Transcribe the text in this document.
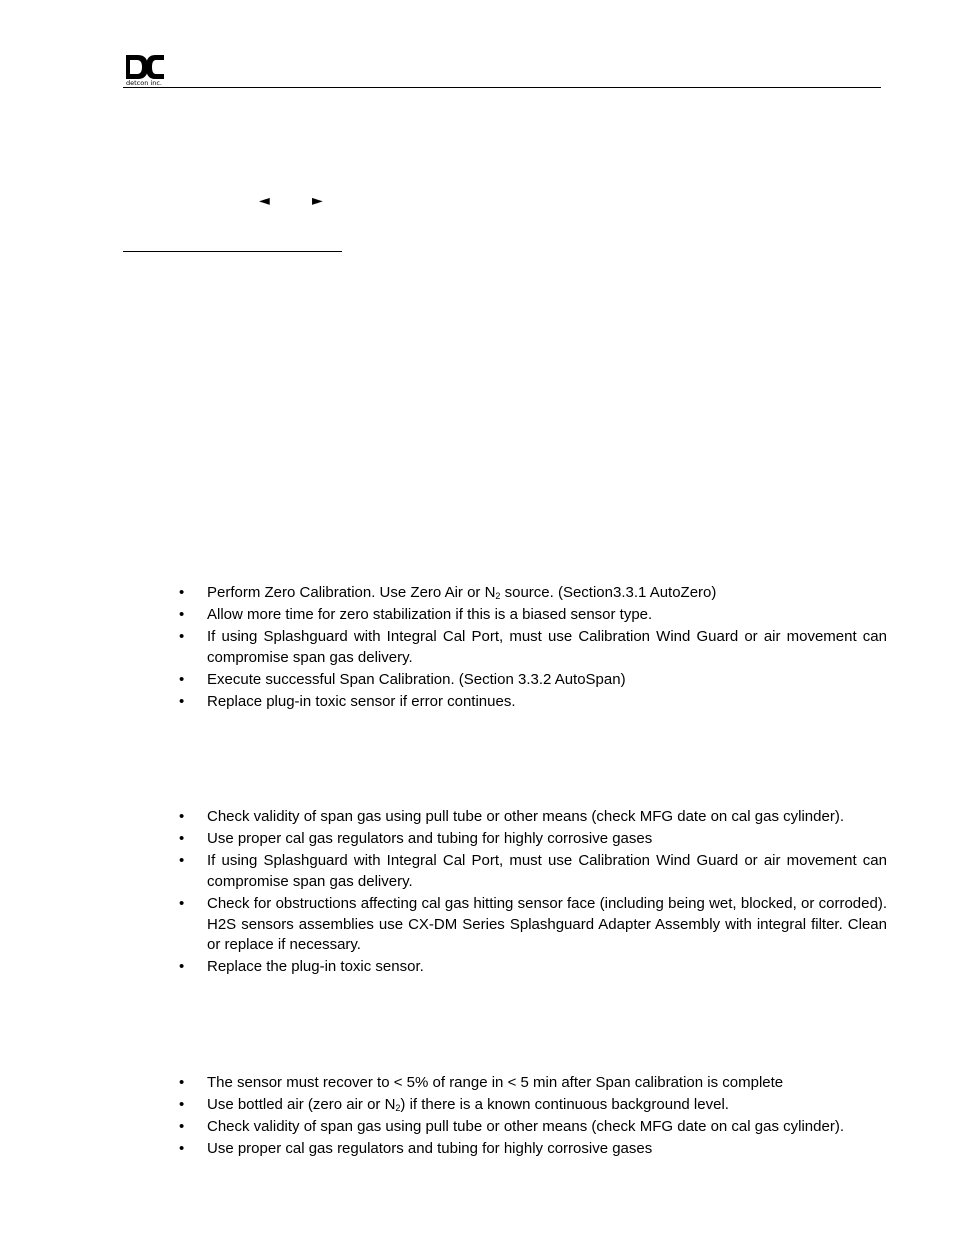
detcon inc.
◄	►
• Perform Zero Calibration. Use Zero Air or $N_2$ source. (Section3.3.1 AutoZero)
• Allow more time for zero stabilization if this is a biased sensor type.
• If using Splashguard with Integral Cal Port, must use Calibration Wind Guard or air movement can compromise span gas delivery.
• Execute successful Span Calibration. (Section 3.3.2 AutoSpan)
• Replace plug-in toxic sensor if error continues.
• Check validity of span gas using pull tube or other means (check MFG date on cal gas cylinder).
• Use proper cal gas regulators and tubing for highly corrosive gases
• If using Splashguard with Integral Cal Port, must use Calibration Wind Guard or air movement can compromise span gas delivery.
• Check for obstructions affecting cal gas hitting sensor face (including being wet, blocked, or corroded). H2S sensors assemblies use CX-DM Series Splashguard Adapter Assembly with integral filter. Clean or replace if necessary.
• Replace the plug-in toxic sensor.
• The sensor must recover to < 5% of range in < 5 min after Span calibration is complete
• Use bottled air (zero air or $N_2$) if there is a known continuous background level.
• Check validity of span gas using pull tube or other means (check MFG date on cal gas cylinder).
• Use proper cal gas regulators and tubing for highly corrosive gases
